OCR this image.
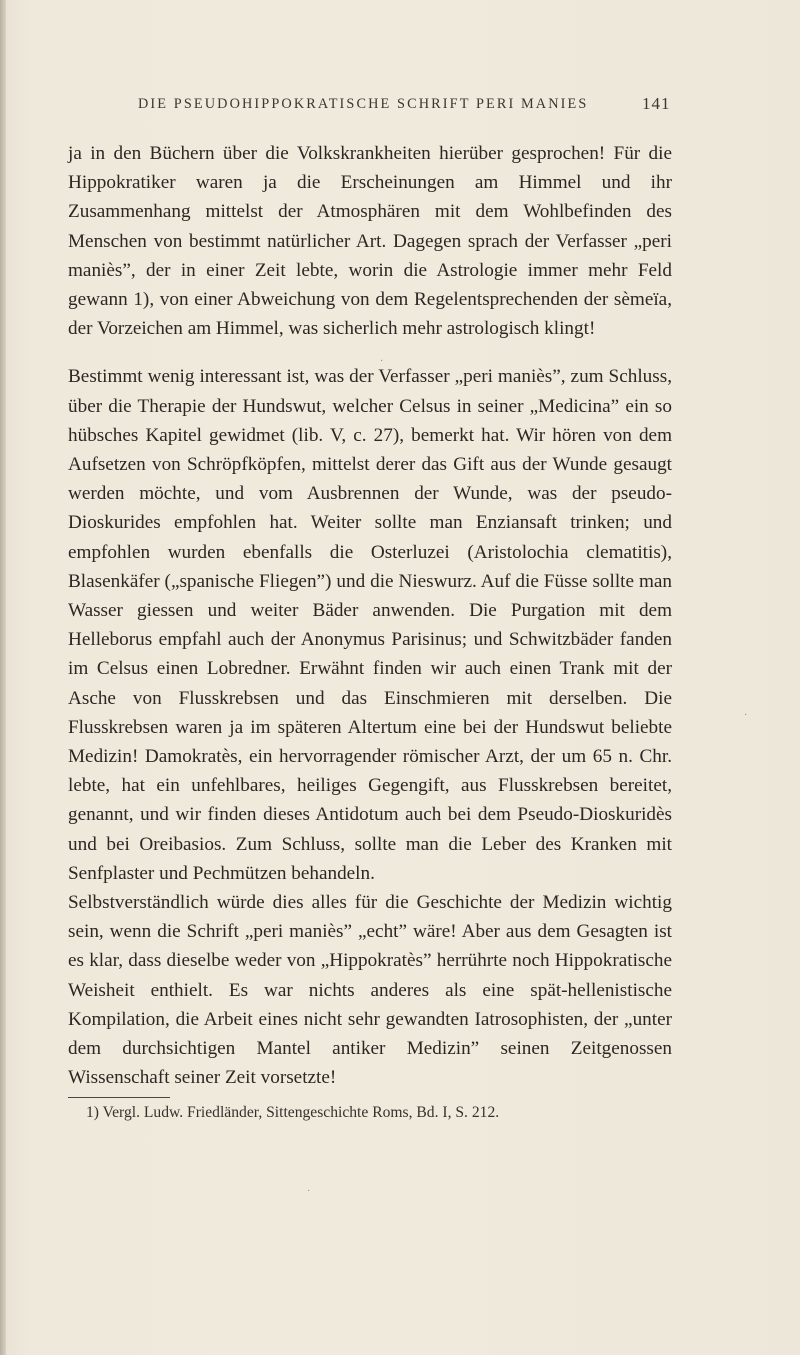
DIE PSEUDOHIPPOKRATISCHE SCHRIFT PERI MANIES	141

ja in den Büchern über die Volkskrankheiten hierüber gesprochen! Für die Hippokratiker waren ja die Erscheinungen am Himmel und ihr Zusammenhang mittelst der Atmosphären mit dem Wohlbefinden des Menschen von bestimmt natürlicher Art. Dagegen sprach der Verfasser „peri maniès”, der in einer Zeit lebte, worin die Astrologie immer mehr Feld gewann 1), von einer Abweichung von dem Regelentsprechenden der sèmeïa, der Vorzeichen am Himmel, was sicherlich mehr astrologisch klingt!

Bestimmt wenig interessant ist, was der Verfasser „peri maniès”, zum Schluss, über die Therapie der Hundswut, welcher Celsus in seiner „Medicina” ein so hübsches Kapitel gewidmet (lib. V, c. 27), bemerkt hat. Wir hören von dem Aufsetzen von Schröpfköpfen, mittelst derer das Gift aus der Wunde gesaugt werden möchte, und vom Ausbrennen der Wunde, was der pseudo-Dioskurides empfohlen hat. Weiter sollte man Enziansaft trinken; und empfohlen wurden ebenfalls die Osterluzei (Aristolochia clematitis), Blasenkäfer („spanische Fliegen”) und die Nieswurz. Auf die Füsse sollte man Wasser giessen und weiter Bäder anwenden. Die Purgation mit dem Helleborus empfahl auch der Anonymus Parisinus; und Schwitzbäder fanden im Celsus einen Lobredner. Erwähnt finden wir auch einen Trank mit der Asche von Flusskrebsen und das Einschmieren mit derselben. Die Flusskrebsen waren ja im späteren Altertum eine bei der Hundswut beliebte Medizin! Damokratès, ein hervorragender römischer Arzt, der um 65 n. Chr. lebte, hat ein unfehlbares, heiliges Gegengift, aus Flusskrebsen bereitet, genannt, und wir finden dieses Antidotum auch bei dem Pseudo-Dioskuridès und bei Oreibasios. Zum Schluss, sollte man die Leber des Kranken mit Senfplaster und Pechmützen behandeln.

Selbstverständlich würde dies alles für die Geschichte der Medizin wichtig sein, wenn die Schrift „peri maniès” „echt” wäre! Aber aus dem Gesagten ist es klar, dass dieselbe weder von „Hippokratès” herrührte noch Hippokratische Weisheit enthielt. Es war nichts anderes als eine spät-hellenistische Kompilation, die Arbeit eines nicht sehr gewandten Iatrosophisten, der „unter dem durchsichtigen Mantel antiker Medizin” seinen Zeitgenossen Wissenschaft seiner Zeit vorsetzte!

1) Vergl. Ludw. Friedländer, Sittengeschichte Roms, Bd. I, S. 212.
·
·
·
